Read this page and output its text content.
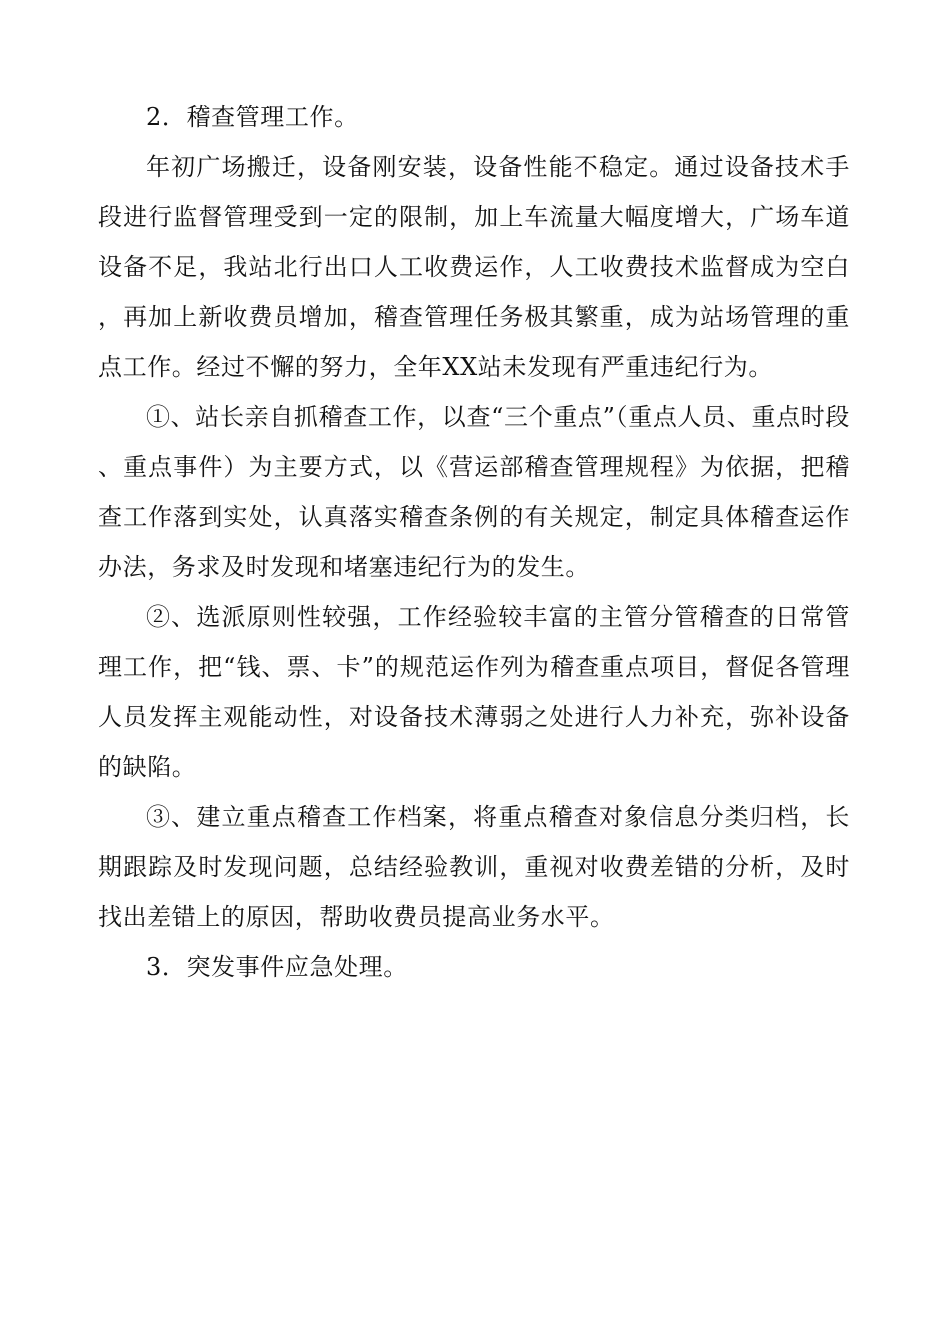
2．稽查管理工作。

年初广场搬迁，设备刚安装，设备性能不稳定。通过设备技术手段进行监督管理受到一定的限制，加上车流量大幅度增大，广场车道设备不足，我站北行出口人工收费运作，人工收费技术监督成为空白，再加上新收费员增加，稽查管理任务极其繁重，成为站场管理的重点工作。经过不懈的努力，全年XX站未发现有严重违纪行为。

①、站长亲自抓稽查工作，以查“三个重点”（重点人员、重点时段、重点事件）为主要方式，以《营运部稽查管理规程》为依据，把稽查工作落到实处，认真落实稽查条例的有关规定，制定具体稽查运作办法，务求及时发现和堵塞违纪行为的发生。

②、选派原则性较强，工作经验较丰富的主管分管稽查的日常管理工作，把“钱、票、卡”的规范运作列为稽查重点项目，督促各管理人员发挥主观能动性，对设备技术薄弱之处进行人力补充，弥补设备的缺陷。

③、建立重点稽查工作档案，将重点稽查对象信息分类归档，长期跟踪及时发现问题，总结经验教训，重视对收费差错的分析，及时找出差错上的原因，帮助收费员提高业务水平。

3．突发事件应急处理。
